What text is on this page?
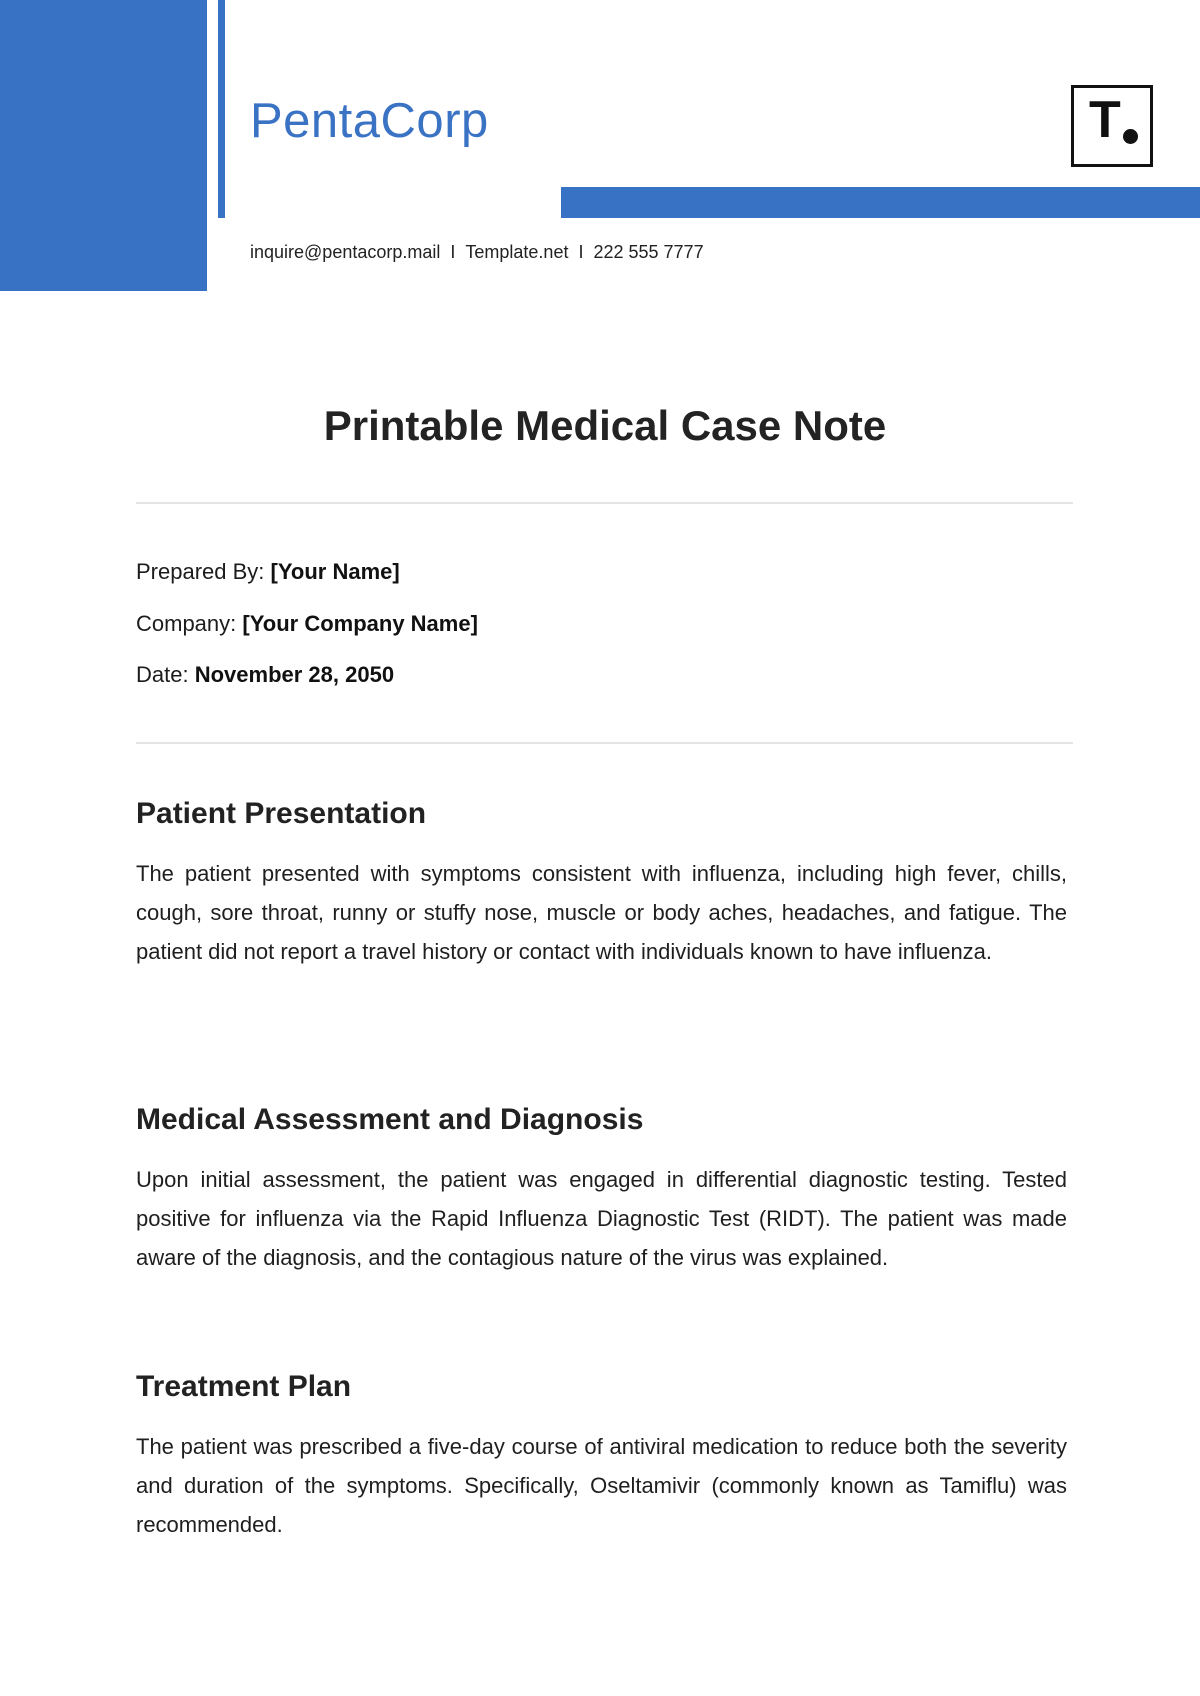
PentaCorp	T
inquire@pentacorp.mail I Template.net I 222 555 7777
Printable Medical Case Note
Prepared By: [Your Name]
Company: [Your Company Name]
Date: November 28, 2050
Patient Presentation
The patient presented with symptoms consistent with influenza, including high fever, chills, cough, sore throat, runny or stuffy nose, muscle or body aches, headaches, and fatigue. The patient did not report a travel history or contact with individuals known to have influenza.
Medical Assessment and Diagnosis
Upon initial assessment, the patient was engaged in differential diagnostic testing. Tested positive for influenza via the Rapid Influenza Diagnostic Test (RIDT). The patient was made aware of the diagnosis, and the contagious nature of the virus was explained.
Treatment Plan
The patient was prescribed a five-day course of antiviral medication to reduce both the severity and duration of the symptoms. Specifically, Oseltamivir (commonly known as Tamiflu) was recommended.
